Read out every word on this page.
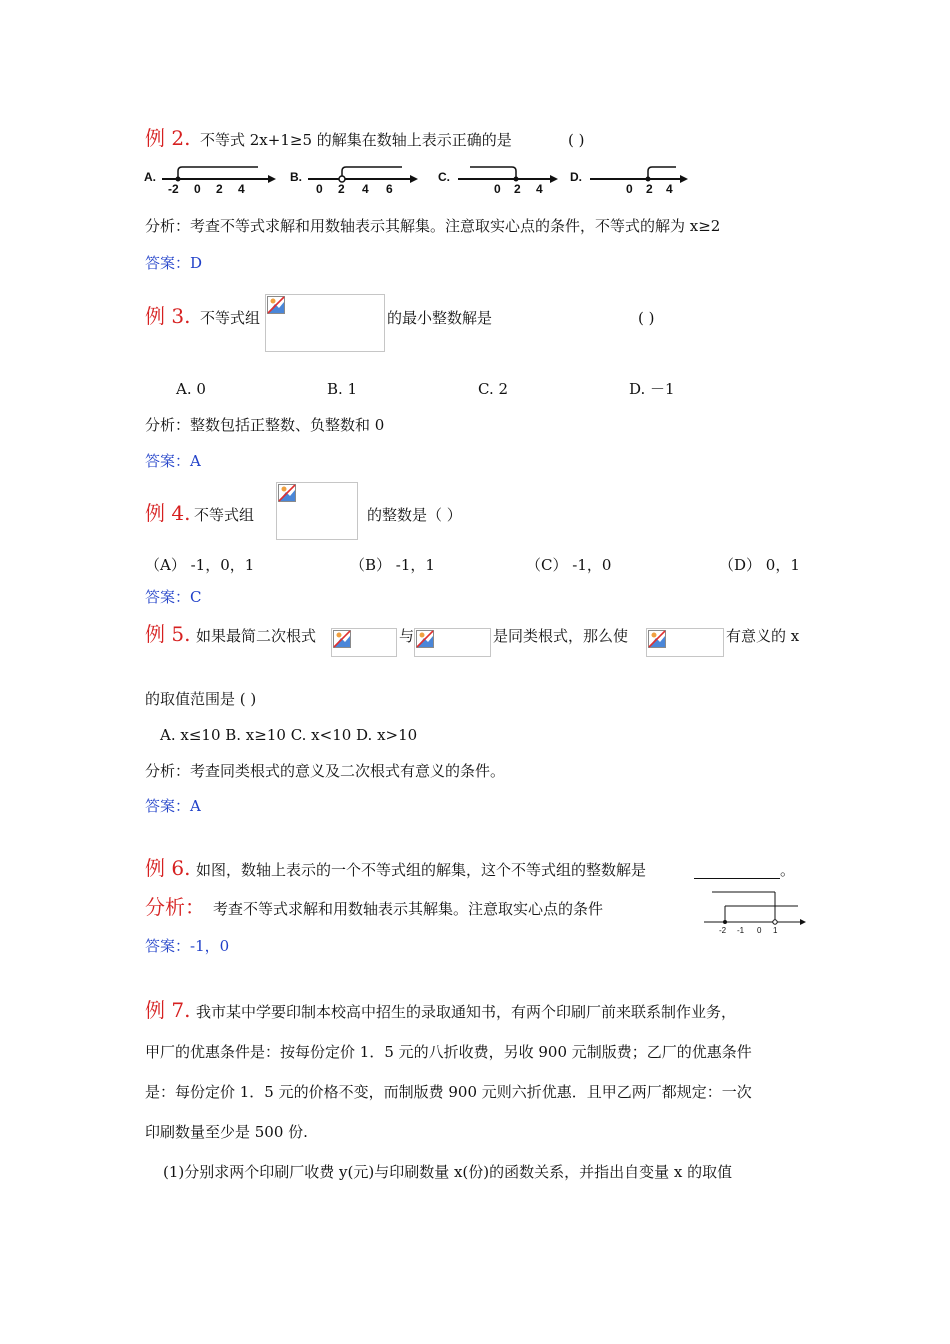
例 2. 不等式 2x+1≥5 的解集在数轴上表示正确的是	( )
A.
-2 0 2 4
B.
0 2 4 6
C.
0 2 4
D.
0 2 4
分析：考查不等式求解和用数轴表示其解集。注意取实心点的条件，不等式的解为 x≥2
答案：D
例 3. 不等式组	的最小整数解是	( )
A. 0	B. 1	C. 2	D. －1
分析：整数包括正整数、负整数和 0
答案：A
例 4. 不等式组	的整数是（ ）
（A） -1，0，1	（B） -1，1	（C） -1，0	（D） 0，1
答案：C
例 5. 如果最简二次根式	与	是同类根式，那么使	有意义的 x
的取值范围是 ( )
A. x≤10 B. x≥10 C. x<10 D. x>10
分析：考查同类根式的意义及二次根式有意义的条件。
答案：A
例 6. 如图，数轴上表示的一个不等式组的解集，这个不等式组的整数解是	。
分析： 考查不等式求解和用数轴表示其解集。注意取实心点的条件
-2 -1 0 1
答案：-1，0
例 7. 我市某中学要印制本校高中招生的录取通知书，有两个印刷厂前来联系制作业务，
甲厂的优惠条件是：按每份定价 1．5 元的八折收费，另收 900 元制版费；乙厂的优惠条件
是：每份定价 1．5 元的价格不变，而制版费 900 元则六折优惠．且甲乙两厂都规定：一次
印刷数量至少是 500 份.
(1)分别求两个印刷厂收费 y(元)与印刷数量 x(份)的函数关系，并指出自变量 x 的取值
